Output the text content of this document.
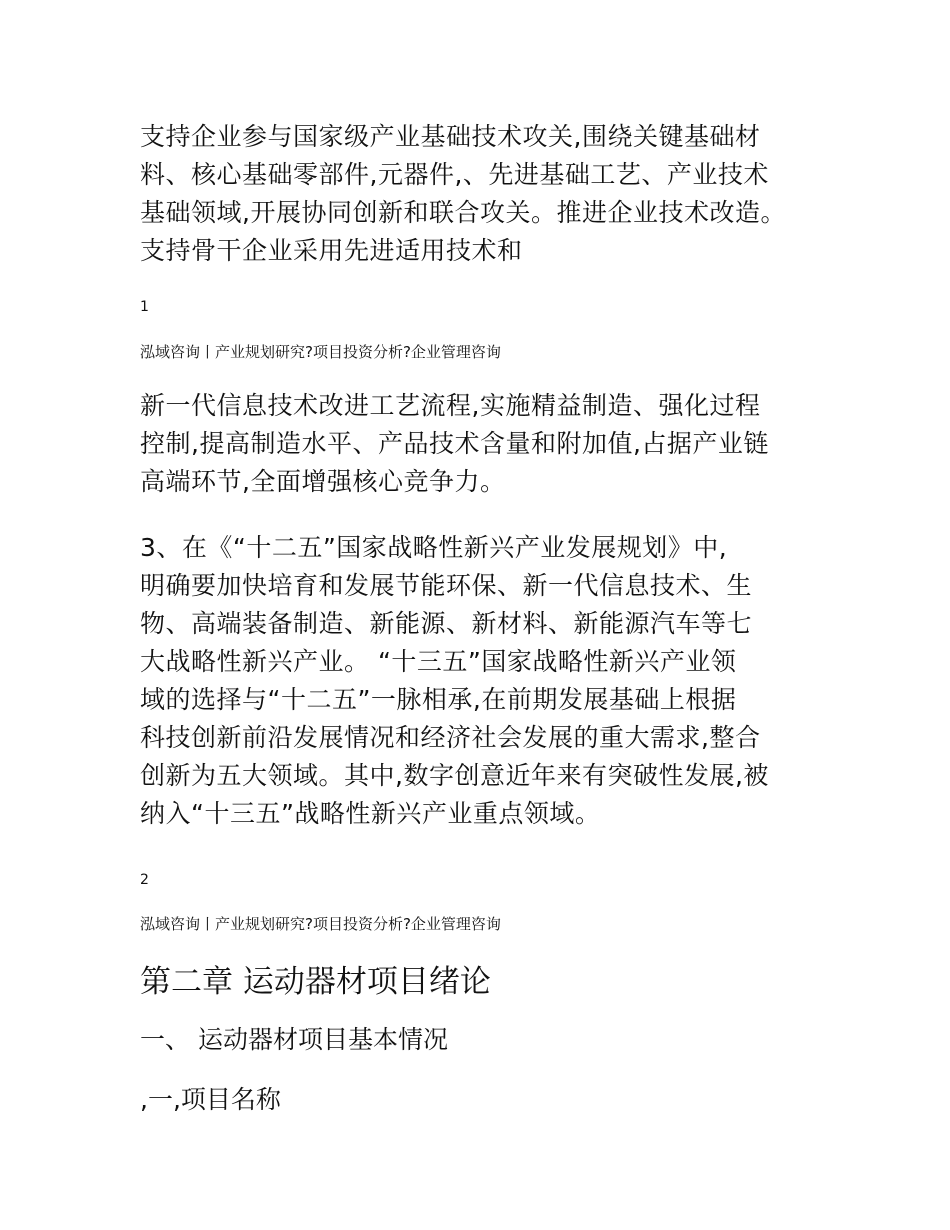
支持企业参与国家级产业基础技术攻关,围绕关键基础材
料、核心基础零部件,元器件,、先进基础工艺、产业技术
基础领域,开展协同创新和联合攻关。推进企业技术改造。
支持骨干企业采用先进适用技术和

1
泓域咨询丨产业规划研究?项目投资分析?企业管理咨询

新一代信息技术改进工艺流程,实施精益制造、强化过程
控制,提高制造水平、产品技术含量和附加值,占据产业链
高端环节,全面增强核心竞争力。

3、在《“十二五”国家战略性新兴产业发展规划》中,
明确要加快培育和发展节能环保、新一代信息技术、生
物、高端装备制造、新能源、新材料、新能源汽车等七
大战略性新兴产业。 “十三五”国家战略性新兴产业领
域的选择与“十二五”一脉相承,在前期发展基础上根据
科技创新前沿发展情况和经济社会发展的重大需求,整合
创新为五大领域。其中,数字创意近年来有突破性发展,被
纳入“十三五”战略性新兴产业重点领域。

2
泓域咨询丨产业规划研究?项目投资分析?企业管理咨询
第二章 运动器材项目绪论
一、 运动器材项目基本情况
,一,项目名称
